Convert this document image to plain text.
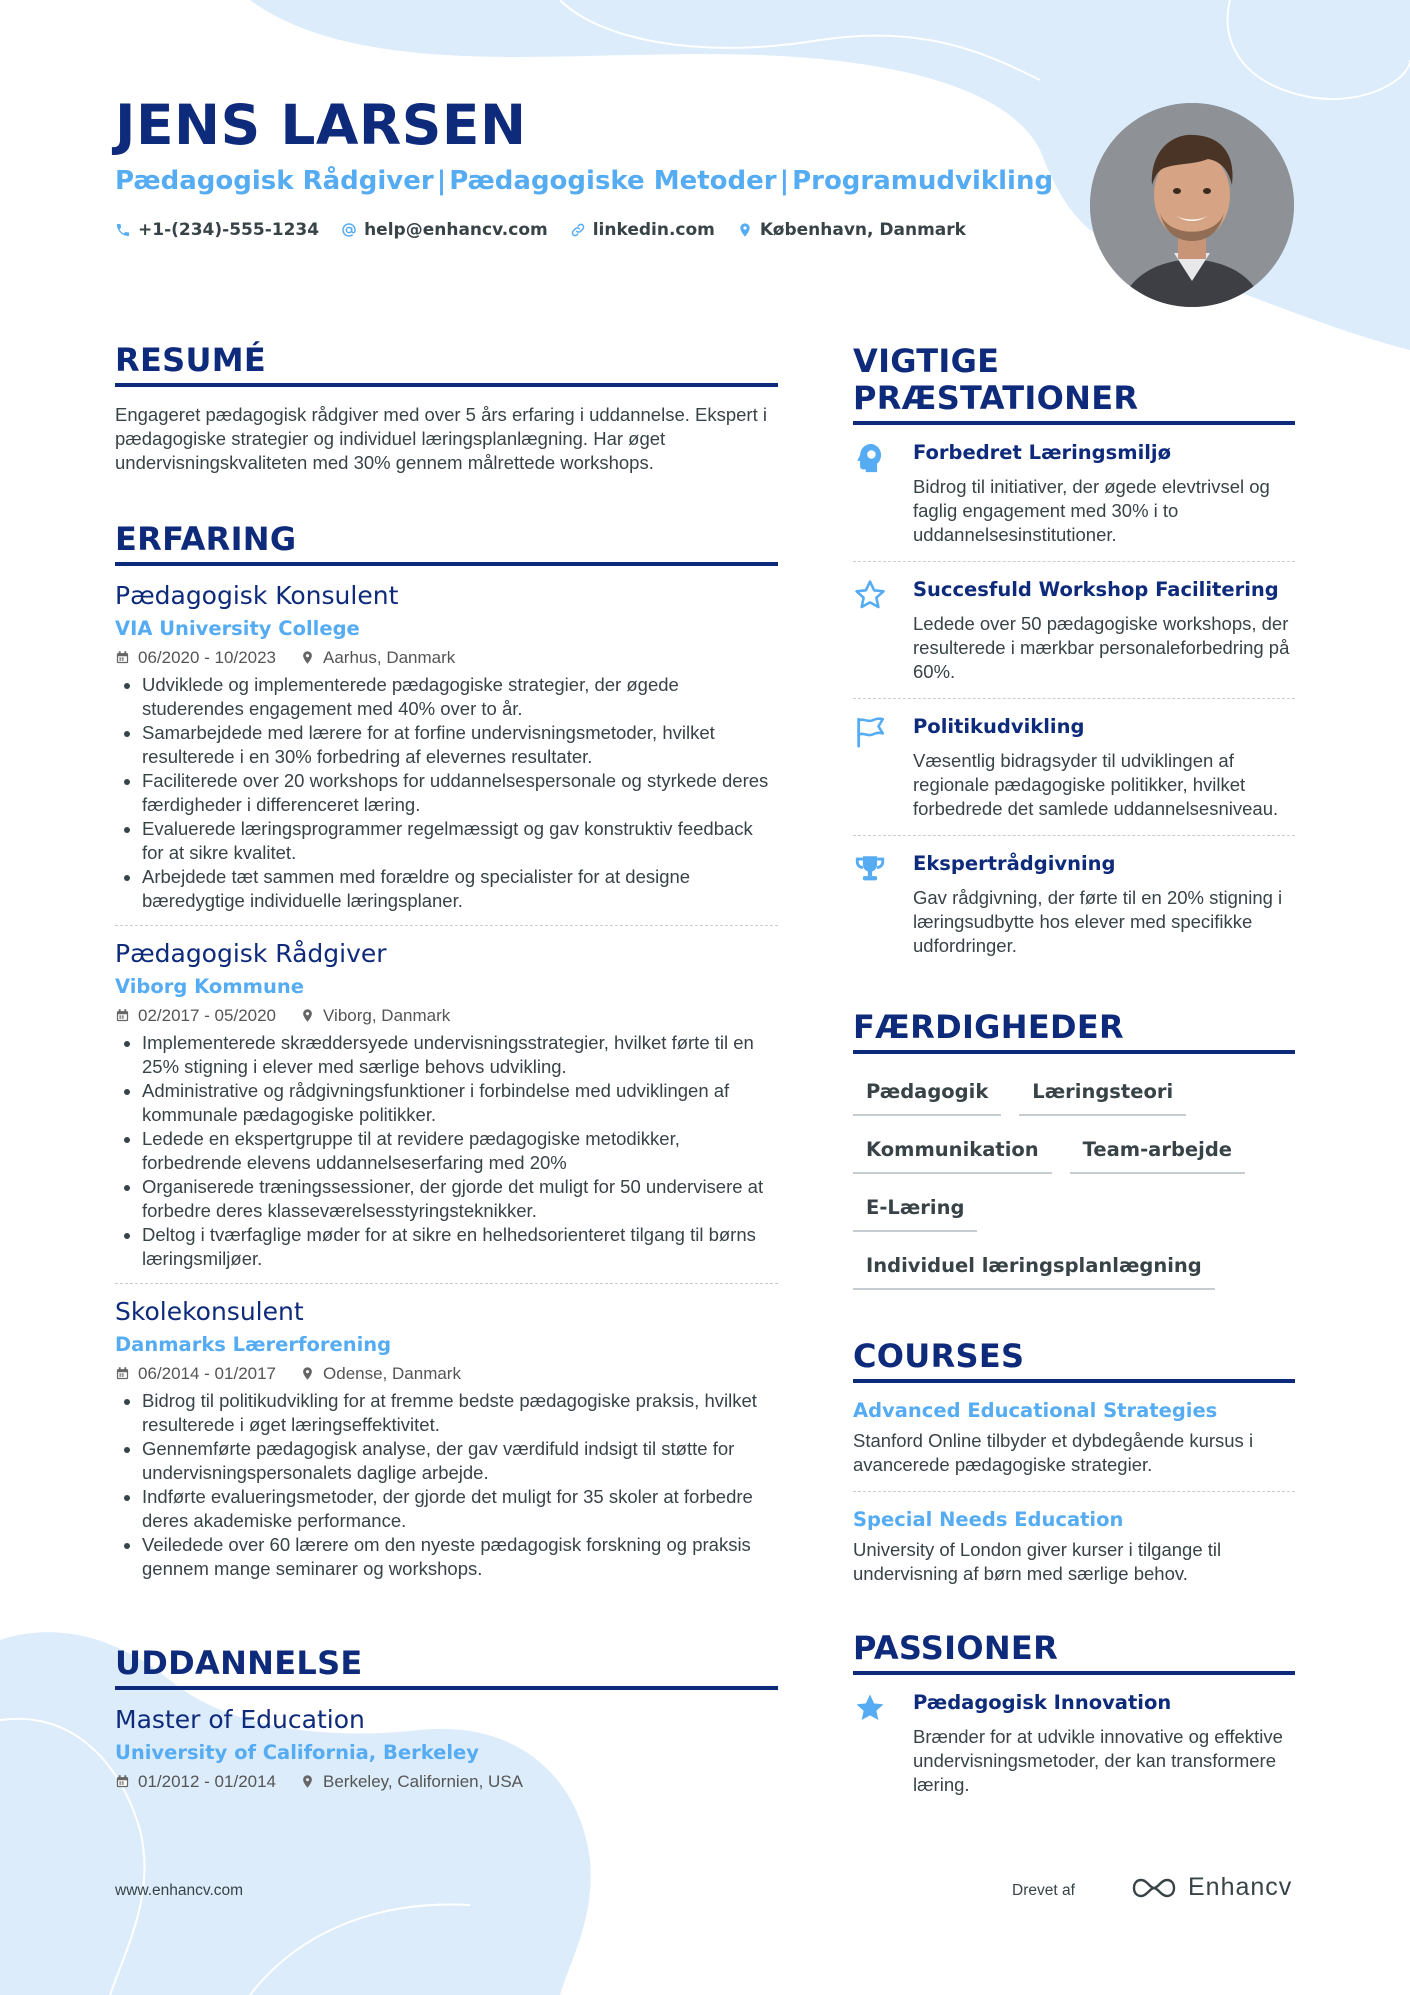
JENS LARSEN
Pædagogisk Rådgiver | Pædagogiske Metoder | Programudvikling
+1-(234)-555-1234	help@enhancv.com	linkedin.com	København, Danmark
RESUMÉ
Engageret pædagogisk rådgiver med over 5 års erfaring i uddannelse. Ekspert i pædagogiske strategier og individuel læringsplanlægning. Har øget undervisningskvaliteten med 30% gennem målrettede workshops.
ERFARING
Pædagogisk Konsulent
VIA University College
06/2020 - 10/2023	Aarhus, Danmark
• Udviklede og implementerede pædagogiske strategier, der øgede studerendes engagement med 40% over to år.
• Samarbejdede med lærere for at forfine undervisningsmetoder, hvilket resulterede i en 30% forbedring af elevernes resultater.
• Faciliterede over 20 workshops for uddannelsespersonale og styrkede deres færdigheder i differenceret læring.
• Evaluerede læringsprogrammer regelmæssigt og gav konstruktiv feedback for at sikre kvalitet.
• Arbejdede tæt sammen med forældre og specialister for at designe bæredygtige individuelle læringsplaner.
Pædagogisk Rådgiver
Viborg Kommune
02/2017 - 05/2020	Viborg, Danmark
• Implementerede skræddersyede undervisningsstrategier, hvilket førte til en 25% stigning i elever med særlige behovs udvikling.
• Administrative og rådgivningsfunktioner i forbindelse med udviklingen af kommunale pædagogiske politikker.
• Ledede en ekspertgruppe til at revidere pædagogiske metodikker, forbedrende elevens uddannelseserfaring med 20%
• Organiserede træningssessioner, der gjorde det muligt for 50 undervisere at forbedre deres klasseværelsesstyringsteknikker.
• Deltog i tværfaglige møder for at sikre en helhedsorienteret tilgang til børns læringsmiljøer.
Skolekonsulent
Danmarks Lærerforening
06/2014 - 01/2017	Odense, Danmark
• Bidrog til politikudvikling for at fremme bedste pædagogiske praksis, hvilket resulterede i øget læringseffektivitet.
• Gennemførte pædagogisk analyse, der gav værdifuld indsigt til støtte for undervisningspersonalets daglige arbejde.
• Indførte evalueringsmetoder, der gjorde det muligt for 35 skoler at forbedre deres akademiske performance.
• Veiledede over 60 lærere om den nyeste pædagogisk forskning og praksis gennem mange seminarer og workshops.
UDDANNELSE
Master of Education
University of California, Berkeley
01/2012 - 01/2014	Berkeley, Californien, USA
VIGTIGE PRÆSTATIONER
Forbedret Læringsmiljø
Bidrog til initiativer, der øgede elevtrivsel og faglig engagement med 30% i to uddannelsesinstitutioner.
Succesfuld Workshop Facilitering
Ledede over 50 pædagogiske workshops, der resulterede i mærkbar personaleforbedring på 60%.
Politikudvikling
Væsentlig bidragsyder til udviklingen af regionale pædagogiske politikker, hvilket forbedrede det samlede uddannelsesniveau.
Ekspertrådgivning
Gav rådgivning, der førte til en 20% stigning i læringsudbytte hos elever med specifikke udfordringer.
FÆRDIGHEDER
Pædagogik	Læringsteori
Kommunikation	Team-arbejde
E-Læring
Individuel læringsplanlægning
COURSES
Advanced Educational Strategies
Stanford Online tilbyder et dybdegående kursus i avancerede pædagogiske strategier.
Special Needs Education
University of London giver kurser i tilgange til undervisning af børn med særlige behov.
PASSIONER
Pædagogisk Innovation
Brænder for at udvikle innovative og effektive undervisningsmetoder, der kan transformere læring.
www.enhancv.com	Drevet af	Enhancv
